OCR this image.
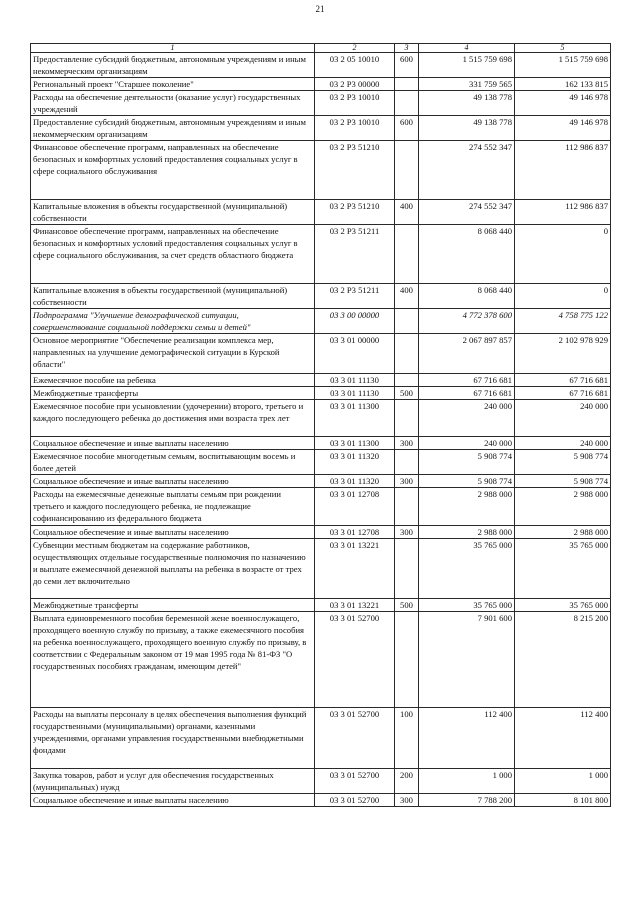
21
1	2	3	4	5
Предоставление субсидий бюджетным, автономным учреждениям и иным некоммерческим организациям	03 2 05 10010	600	1 515 759 698	1 515 759 698
Региональный проект "Старшее поколение"	03 2 P3 00000		331 759 565	162 133 815
Расходы на обеспечение деятельности (оказание услуг) государственных учреждений	03 2 P3 10010		49 138 778	49 146 978
Предоставление субсидий бюджетным, автономным учреждениям и иным некоммерческим организациям	03 2 P3 10010	600	49 138 778	49 146 978
Финансовое обеспечение программ, направленных на обеспечение безопасных и комфортных условий предоставления социальных услуг в сфере социального обслуживания	03 2 P3 51210		274 552 347	112 986 837
Капитальные вложения в объекты государственной (муниципальной) собственности	03 2 P3 51210	400	274 552 347	112 986 837
Финансовое обеспечение программ, направленных на обеспечение безопасных и комфортных условий предоставления социальных услуг в сфере социального обслуживания, за счет средств областного бюджета	03 2 P3 51211		8 068 440	0
Капитальные вложения в объекты государственной (муниципальной) собственности	03 2 P3 51211	400	8 068 440	0
Подпрограмма "Улучшение демографической ситуации, совершенствование социальной поддержки семьи и детей"	03 3 00 00000		4 772 378 600	4 758 775 122
Основное мероприятие "Обеспечение реализации комплекса мер, направленных на улучшение демографической ситуации в Курской области"	03 3 01 00000		2 067 897 857	2 102 978 929
Ежемесячное пособие на ребенка	03 3 01 11130		67 716 681	67 716 681
Межбюджетные трансферты	03 3 01 11130	500	67 716 681	67 716 681
Ежемесячное пособие при усыновлении (удочерении) второго, третьего и каждого последующего ребенка до достижения ими возраста трех лет	03 3 01 11300		240 000	240 000
Социальное обеспечение и иные выплаты населению	03 3 01 11300	300	240 000	240 000
Ежемесячное пособие многодетным семьям, воспитывающим восемь и более детей	03 3 01 11320		5 908 774	5 908 774
Социальное обеспечение и иные выплаты населению	03 3 01 11320	300	5 908 774	5 908 774
Расходы на ежемесячные денежные выплаты семьям при рождении третьего и каждого последующего ребенка, не подлежащие софинансированию из федерального бюджета	03 3 01 12708		2 988 000	2 988 000
Социальное обеспечение и иные выплаты населению	03 3 01 12708	300	2 988 000	2 988 000
Субвенции местным бюджетам на содержание работников, осуществляющих отдельные государственные полномочия по назначению и выплате ежемесячной денежной выплаты на ребенка в возрасте от трех до семи лет включительно	03 3 01 13221		35 765 000	35 765 000
Межбюджетные трансферты	03 3 01 13221	500	35 765 000	35 765 000
Выплата единовременного пособия беременной жене военнослужащего, проходящего военную службу по призыву, а также ежемесячного пособия на ребенка военнослужащего, проходящего военную службу по призыву, в соответствии с Федеральным законом от 19 мая 1995 года № 81-ФЗ "О государственных пособиях гражданам, имеющим детей"	03 3 01 52700		7 901 600	8 215 200
Расходы на выплаты персоналу в целях обеспечения выполнения функций государственными (муниципальными) органами, казенными учреждениями, органами управления государственными внебюджетными фондами	03 3 01 52700	100	112 400	112 400
Закупка товаров, работ и услуг для обеспечения государственных (муниципальных) нужд	03 3 01 52700	200	1 000	1 000
Социальное обеспечение и иные выплаты населению	03 3 01 52700	300	7 788 200	8 101 800
